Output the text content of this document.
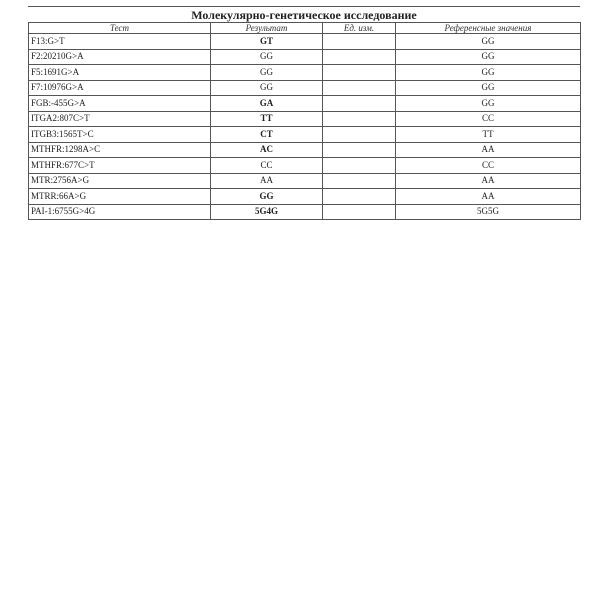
Молекулярно-генетическое исследование
Тест	Результат	Ед. изм.	Референсные значения
F13:G>T	GT		GG
F2:20210G>A	GG		GG
F5:1691G>A	GG		GG
F7:10976G>A	GG		GG
FGB:-455G>A	GA		GG
ITGA2:807C>T	TT		CC
ITGB3:1565T>C	CT		TT
MTHFR:1298A>C	AC		AA
MTHFR:677C>T	CC		CC
MTR:2756A>G	AA		AA
MTRR:66A>G	GG		AA
PAI-1:6755G>4G	5G4G		5G5G
